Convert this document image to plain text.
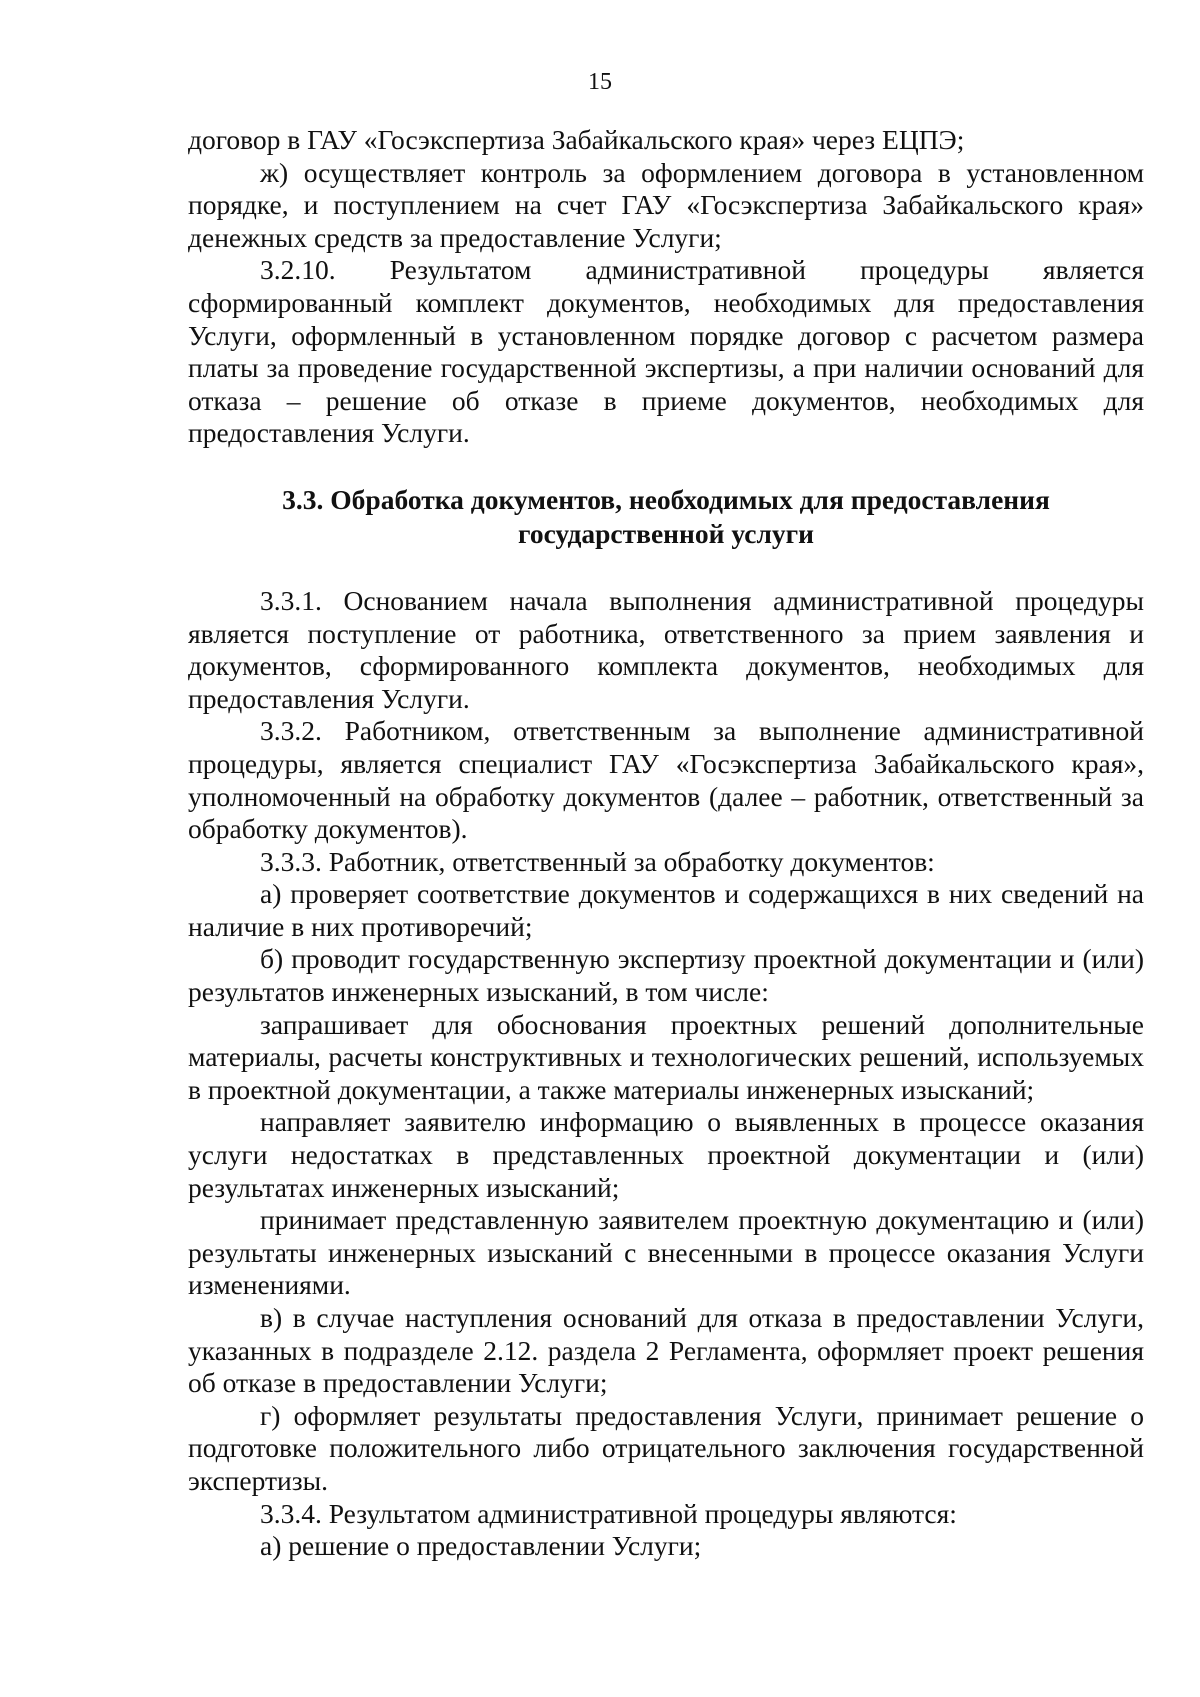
15

договор в ГАУ «Госэкспертиза Забайкальского края» через ЕЦПЭ;

ж) осуществляет контроль за оформлением договора в установленном порядке, и поступлением на счет ГАУ «Госэкспертиза Забайкальского края» денежных средств за предоставление Услуги;

3.2.10. Результатом административной процедуры является сформированный комплект документов, необходимых для предоставления Услуги, оформленный в установленном порядке договор с расчетом размера платы за проведение государственной экспертизы, а при наличии оснований для отказа – решение об отказе в приеме документов, необходимых для предоставления Услуги.

3.3. Обработка документов, необходимых для предоставления
государственной услуги

3.3.1. Основанием начала выполнения административной процедуры является поступление от работника, ответственного за прием заявления и документов, сформированного комплекта документов, необходимых для предоставления Услуги.

3.3.2. Работником, ответственным за выполнение административной процедуры, является специалист ГАУ «Госэкспертиза Забайкальского края», уполномоченный на обработку документов (далее – работник, ответственный за обработку документов).

3.3.3. Работник, ответственный за обработку документов:

а) проверяет соответствие документов и содержащихся в них сведений на наличие в них противоречий;

б) проводит государственную экспертизу проектной документации и (или) результатов инженерных изысканий, в том числе:

запрашивает для обоснования проектных решений дополнительные материалы, расчеты конструктивных и технологических решений, используемых в проектной документации, а также материалы инженерных изысканий;

направляет заявителю информацию о выявленных в процессе оказания услуги недостатках в представленных проектной документации и (или) результатах инженерных изысканий;

принимает представленную заявителем проектную документацию и (или) результаты инженерных изысканий с внесенными в процессе оказания Услуги изменениями.

в) в случае наступления оснований для отказа в предоставлении Услуги, указанных в подразделе 2.12. раздела 2 Регламента, оформляет проект решения об отказе в предоставлении Услуги;

г) оформляет результаты предоставления Услуги, принимает решение о подготовке положительного либо отрицательного заключения государственной экспертизы.

3.3.4. Результатом административной процедуры являются:

а) решение о предоставлении Услуги;
